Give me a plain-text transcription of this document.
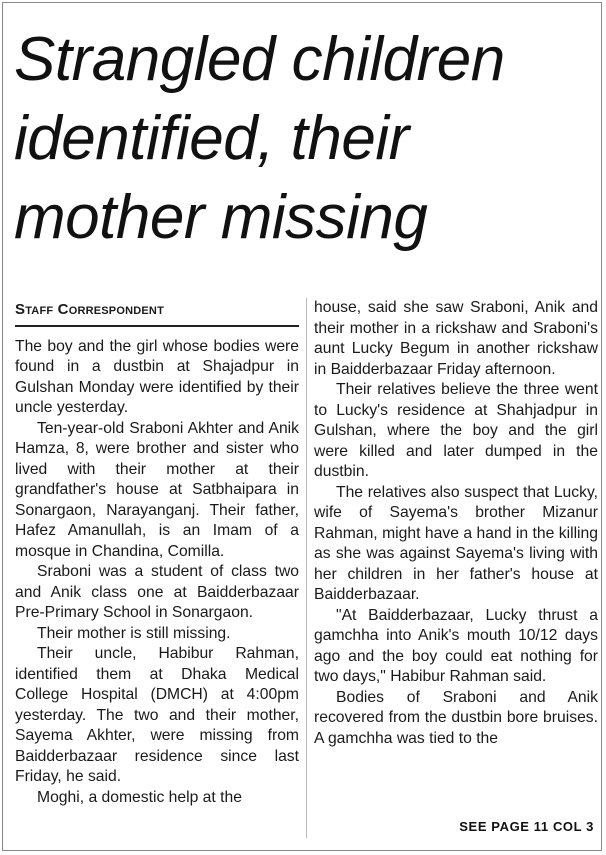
Strangled children
identified, their
mother missing
Staff Correspondent

The boy and the girl whose bodies were found in a dustbin at Shajadpur in Gulshan Monday were identified by their uncle yesterday.

Ten-year-old Sraboni Akhter and Anik Hamza, 8, were brother and sister who lived with their mother at their grandfather's house at Satbhaipara in Sonargaon, Narayanganj. Their father, Hafez Amanullah, is an Imam of a mosque in Chandina, Comilla.

Sraboni was a student of class two and Anik class one at Baidderbazaar Pre-Primary School in Sonargaon.

Their mother is still missing.

Their uncle, Habibur Rahman, identified them at Dhaka Medical College Hospital (DMCH) at 4:00pm yesterday. The two and their mother, Sayema Akhter, were missing from Baidderbazaar residence since last Friday, he said.

Moghi, a domestic help at the

house, said she saw Sraboni, Anik and their mother in a rickshaw and Sraboni's aunt Lucky Begum in another rickshaw in Baidderbazaar Friday afternoon.

Their relatives believe the three went to Lucky's residence at Shahjadpur in Gulshan, where the boy and the girl were killed and later dumped in the dustbin.

The relatives also suspect that Lucky, wife of Sayema's brother Mizanur Rahman, might have a hand in the killing as she was against Sayema's living with her children in her father's house at Baidderbazaar.

"At Baidderbazaar, Lucky thrust a gamchha into Anik's mouth 10/12 days ago and the boy could eat nothing for two days," Habibur Rahman said.

Bodies of Sraboni and Anik recovered from the dustbin bore bruises. A gamchha was tied to the

SEE PAGE 11 COL 3
